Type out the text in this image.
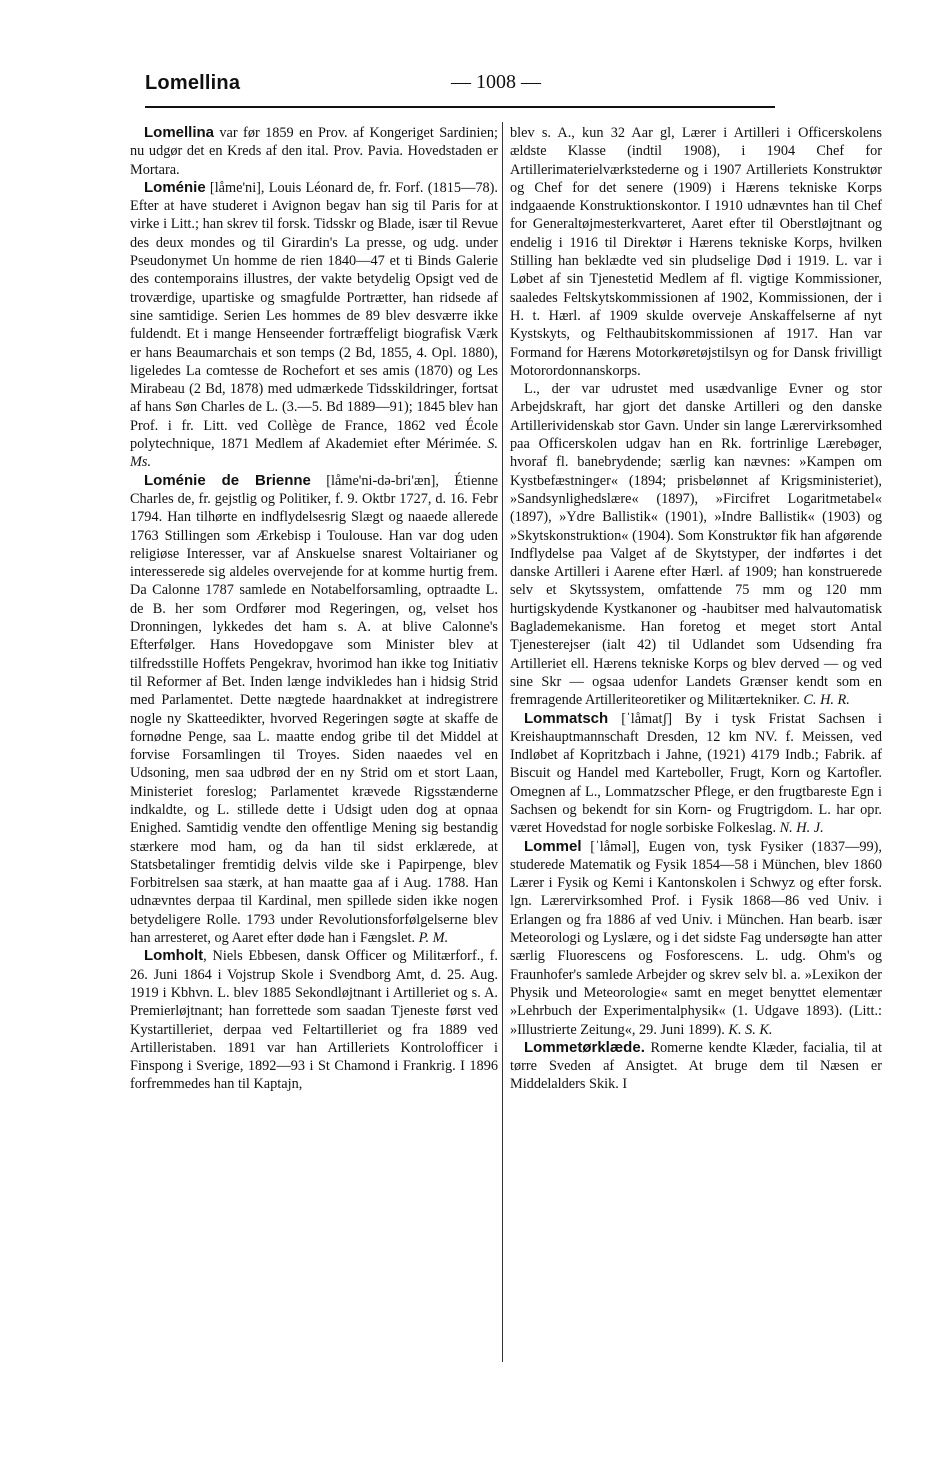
Lomellina	— 1008 —

Lomellina var før 1859 en Prov. af Kongeriget Sardinien; nu udgør det en Kreds af den ital. Prov. Pavia. Hovedstaden er Mortara.

Loménie [låme'ni], Louis Léonard de, fr. Forf. (1815—78). Efter at have studeret i Avignon begav han sig til Paris for at virke i Litt.; han skrev til forsk. Tidsskr og Blade, især til Revue des deux mondes og til Girardin's La presse, og udg. under Pseudonymet Un homme de rien 1840—47 et ti Binds Galerie des contemporains illustres, der vakte betydelig Opsigt ved de troværdige, upartiske og smagfulde Portrætter, han ridsede af sine samtidige. Serien Les hommes de 89 blev desværre ikke fuldendt. Et i mange Henseender fortræffeligt biografisk Værk er hans Beaumarchais et son temps (2 Bd, 1855, 4. Opl. 1880), ligeledes La comtesse de Rochefort et ses amis (1870) og Les Mirabeau (2 Bd, 1878) med udmærkede Tidsskildringer, fortsat af hans Søn Charles de L. (3.—5. Bd 1889—91); 1845 blev han Prof. i fr. Litt. ved Collège de France, 1862 ved École polytechnique, 1871 Medlem af Akademiet efter Mérimée. S. Ms.

Loménie de Brienne [låme'ni-də-bri'æn], Étienne Charles de, fr. gejstlig og Politiker, f. 9. Oktbr 1727, d. 16. Febr 1794. Han tilhørte en indflydelsesrig Slægt og naaede allerede 1763 Stillingen som Ærkebisp i Toulouse. Han var dog uden religiøse Interesser, var af Anskuelse snarest Voltairianer og interesserede sig aldeles overvejende for at komme hurtig frem. Da Calonne 1787 samlede en Notabelforsamling, optraadte L. de B. her som Ordfører mod Regeringen, og, velset hos Dronningen, lykkedes det ham s. A. at blive Calonne's Efterfølger. Hans Hovedopgave som Minister blev at tilfredsstille Hoffets Pengekrav, hvorimod han ikke tog Initiativ til Reformer af Bet. Inden længe indvikledes han i hidsig Strid med Parlamentet. Dette nægtede haardnakket at indregistrere nogle ny Skatteedikter, hvorved Regeringen søgte at skaffe de fornødne Penge, saa L. maatte endog gribe til det Middel at forvise Forsamlingen til Troyes. Siden naaedes vel en Udsoning, men saa udbrød der en ny Strid om et stort Laan, Ministeriet foreslog; Parlamentet krævede Rigsstænderne indkaldte, og L. stillede dette i Udsigt uden dog at opnaa Enighed. Samtidig vendte den offentlige Mening sig bestandig stærkere mod ham, og da han til sidst erklærede, at Statsbetalinger fremtidig delvis vilde ske i Papirpenge, blev Forbitrelsen saa stærk, at han maatte gaa af i Aug. 1788. Han udnævntes derpaa til Kardinal, men spillede siden ikke nogen betydeligere Rolle. 1793 under Revolutionsforfølgelserne blev han arresteret, og Aaret efter døde han i Fængslet. P. M.

Lomholt, Niels Ebbesen, dansk Officer og Militærforf., f. 26. Juni 1864 i Vojstrup Skole i Svendborg Amt, d. 25. Aug. 1919 i Kbhvn. L. blev 1885 Sekondløjtnant i Artilleriet og s. A. Premierløjtnant; han forrettede som saadan Tjeneste først ved Kystartilleriet, derpaa ved Feltartilleriet og fra 1889 ved Artilleristaben. 1891 var han Artilleriets Kontrolofficer i Finspong i Sverige, 1892—93 i St Chamond i Frankrig. I 1896 forfremmedes han til Kaptajn,

blev s. A., kun 32 Aar gl, Lærer i Artilleri i Officerskolens ældste Klasse (indtil 1908), i 1904 Chef for Artillerimaterielværkstederne og i 1907 Artilleriets Konstruktør og Chef for det senere (1909) i Hærens tekniske Korps indgaaende Konstruktionskontor. I 1910 udnævntes han til Chef for Generaltøjmesterkvarteret, Aaret efter til Oberstløjtnant og endelig i 1916 til Direktør i Hærens tekniske Korps, hvilken Stilling han beklædte ved sin pludselige Død i 1919. L. var i Løbet af sin Tjenestetid Medlem af fl. vigtige Kommissioner, saaledes Feltskytskommissionen af 1902, Kommissionen, der i H. t. Hærl. af 1909 skulde overveje Anskaffelserne af nyt Kystskyts, og Felthaubitskommissionen af 1917. Han var Formand for Hærens Motorkøretøjstilsyn og for Dansk frivilligt Motorordonnanskorps.

L., der var udrustet med usædvanlige Evner og stor Arbejdskraft, har gjort det danske Artilleri og den danske Artillerividenskab stor Gavn. Under sin lange Lærervirksomhed paa Officerskolen udgav han en Rk. fortrinlige Lærebøger, hvoraf fl. banebrydende; særlig kan nævnes: »Kampen om Kystbefæstninger« (1894; prisbelønnet af Krigsministeriet), »Sandsynlighedslære« (1897), »Fircifret Logaritmetabel« (1897), »Ydre Ballistik« (1901), »Indre Ballistik« (1903) og »Skytskonstruktion« (1904). Som Konstruktør fik han afgørende Indflydelse paa Valget af de Skytstyper, der indførtes i det danske Artilleri i Aarene efter Hærl. af 1909; han konstruerede selv et Skytssystem, omfattende 75 mm og 120 mm hurtigskydende Kystkanoner og -haubitser med halvautomatisk Baglademekanisme. Han foretog et meget stort Antal Tjenesterejser (ialt 42) til Udlandet som Udsending fra Artilleriet ell. Hærens tekniske Korps og blev derved — og ved sine Skr — ogsaa udenfor Landets Grænser kendt som en fremragende Artilleriteoretiker og Militærtekniker. C. H. R.

Lommatsch [ˈlåmatʃ] By i tysk Fristat Sachsen i Kreishauptmannschaft Dresden, 12 km NV. f. Meissen, ved Indløbet af Kopritzbach i Jahne, (1921) 4179 Indb.; Fabrik. af Biscuit og Handel med Karteboller, Frugt, Korn og Kartofler. Omegnen af L., Lommatzscher Pflege, er den frugtbareste Egn i Sachsen og bekendt for sin Korn- og Frugtrigdom. L. har opr. været Hovedstad for nogle sorbiske Folkeslag. N. H. J.

Lommel [ˈlåməl], Eugen von, tysk Fysiker (1837—99), studerede Matematik og Fysik 1854—58 i München, blev 1860 Lærer i Fysik og Kemi i Kantonskolen i Schwyz og efter forsk. lgn. Lærervirksomhed Prof. i Fysik 1868—86 ved Univ. i Erlangen og fra 1886 af ved Univ. i München. Han bearb. især Meteorologi og Lyslære, og i det sidste Fag undersøgte han atter særlig Fluorescens og Fosforescens. L. udg. Ohm's og Fraunhofer's samlede Arbejder og skrev selv bl. a. »Lexikon der Physik und Meteorologie« samt en meget benyttet elementær »Lehrbuch der Experimentalphysik« (1. Udgave 1893). (Litt.: »Illustrierte Zeitung«, 29. Juni 1899). K. S. K.

Lommetørklæde. Romerne kendte Klæder, facialia, til at tørre Sveden af Ansigtet. At bruge dem til Næsen er Middelalders Skik. I
